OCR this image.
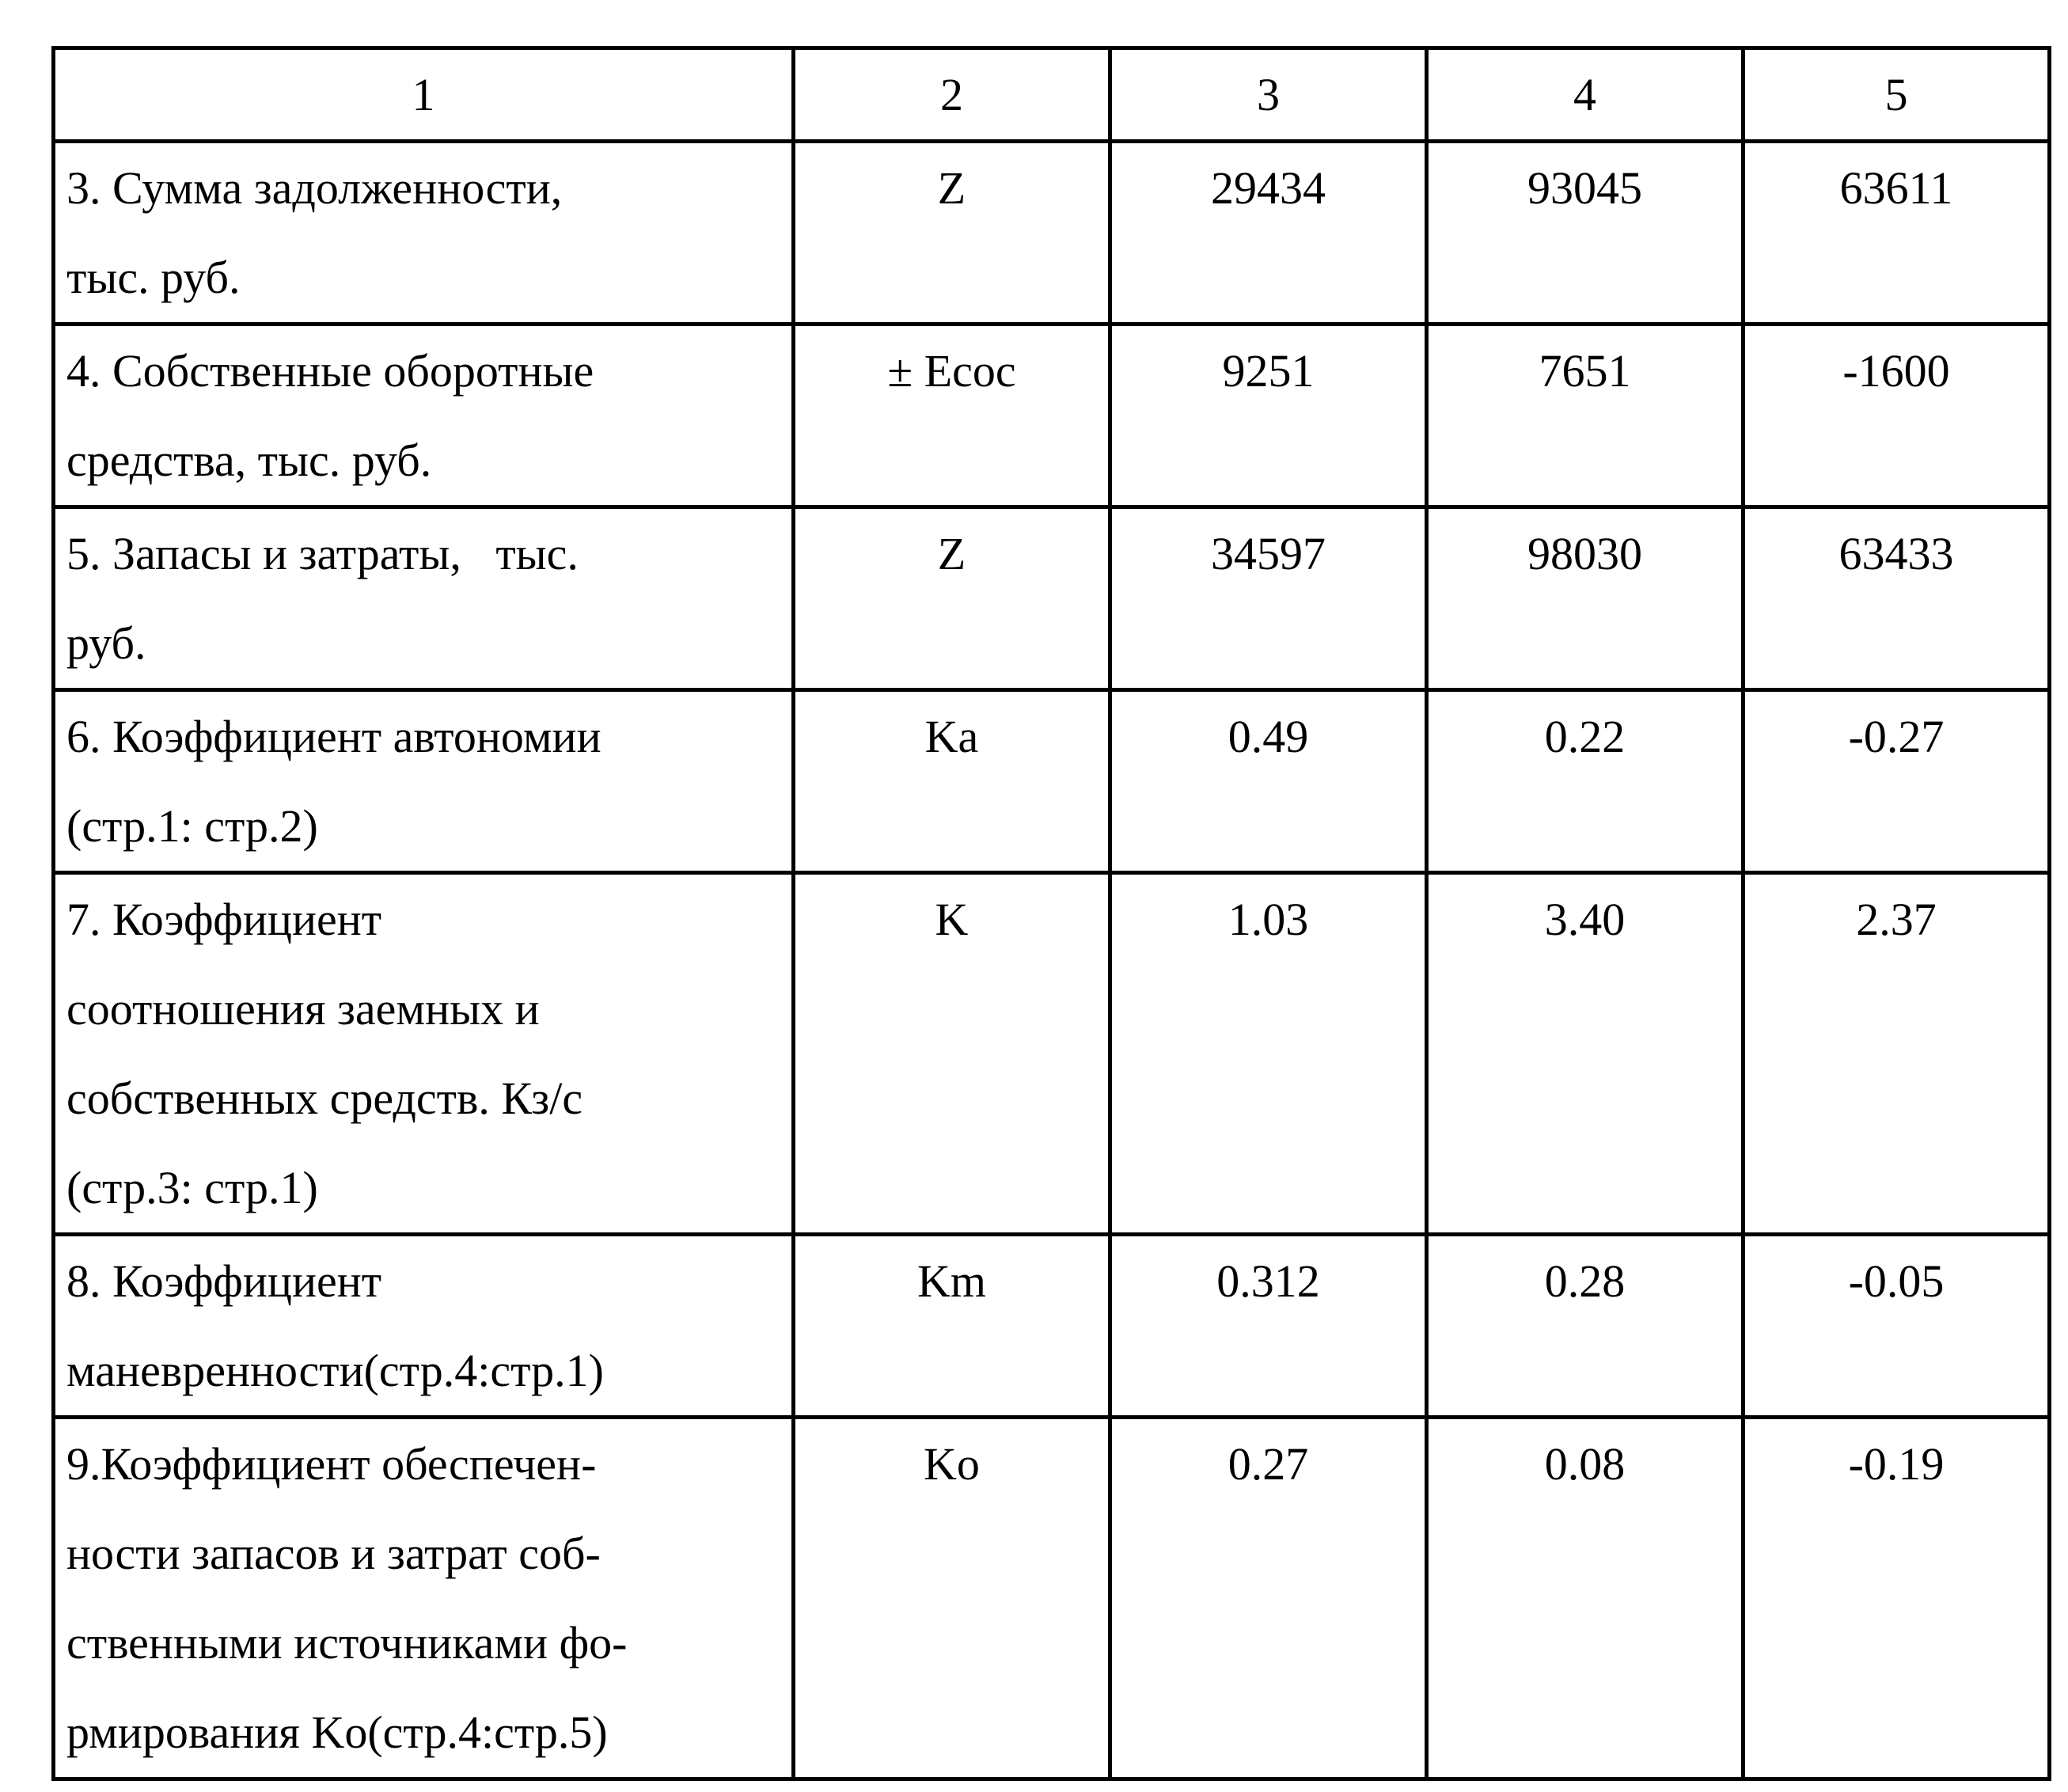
1	2	3	4	5

3. Сумма задолженности,
тыс. руб.	Z	29434	93045	63611

4. Собственные оборотные
средства, тыс. руб.	± Ecoc	9251	7651	-1600

5. Запасы и затраты,   тыс.
руб.	Z	34597	98030	63433

6. Коэффициент автономии
(стр.1: стр.2)	Ka	0.49	0.22	-0.27

7. Коэффициент
соотношения заемных и
собственных средств. Кз/с
(стр.3: стр.1)	K	1.03	3.40	2.37

8. Коэффициент
маневренности(стр.4:стр.1)	Km	0.312	0.28	-0.05

9.Коэффициент обеспечен-
ности запасов и затрат соб-
ственными источниками фо-
рмирования Ko(стр.4:стр.5)	Ko	0.27	0.08	-0.19
